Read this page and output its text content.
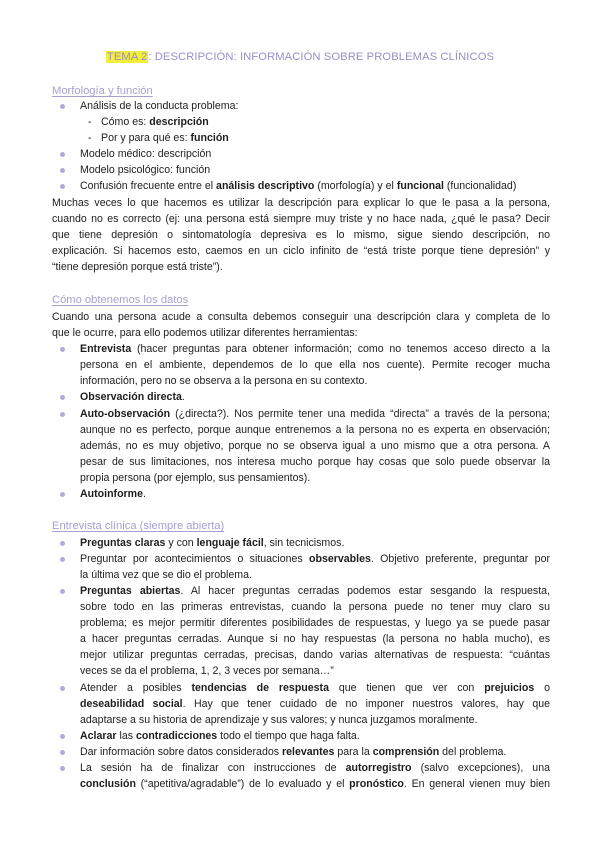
TEMA 2: DESCRIPCIÓN: INFORMACIÓN SOBRE PROBLEMAS CLÍNICOS
Morfología y función
Análisis de la conducta problema:
- Cómo es: descripción
- Por y para qué es: función
Modelo médico: descripción
Modelo psicológico: función
Confusión frecuente entre el análisis descriptivo (morfología) y el funcional (funcionalidad)
Muchas veces lo que hacemos es utilizar la descripción para explicar lo que le pasa a la persona,
cuando no es correcto (ej: una persona está siempre muy triste y no hace nada, ¿qué le pasa? Decir
que tiene depresión o sintomatología depresiva es lo mismo, sigue siendo descripción, no
explicación. Si hacemos esto, caemos en un ciclo infinito de “está triste porque tiene depresión” y
“tiene depresión porque está triste”).
Cómo obtenemos los datos
Cuando una persona acude a consulta debemos conseguir una descripción clara y completa de lo
que le ocurre, para ello podemos utilizar diferentes herramientas:
Entrevista (hacer preguntas para obtener información; como no tenemos acceso directo a la
persona en el ambiente, dependemos de lo que ella nos cuente). Permite recoger mucha
información, pero no se observa a la persona en su contexto.
Observación directa.
Auto-observación (¿directa?). Nos permite tener una medida “directa” a través de la persona;
aunque no es perfecto, porque aunque entrenemos a la persona no es experta en observación;
además, no es muy objetivo, porque no se observa igual a uno mismo que a otra persona. A
pesar de sus limitaciones, nos interesa mucho porque hay cosas que solo puede observar la
propia persona (por ejemplo, sus pensamientos).
Autoinforme.
Entrevista clínica (siempre abierta)
Preguntas claras y con lenguaje fácil, sin tecnicismos.
Preguntar por acontecimientos o situaciones observables. Objetivo preferente, preguntar por
la última vez que se dio el problema.
Preguntas abiertas. Al hacer preguntas cerradas podemos estar sesgando la respuesta,
sobre todo en las primeras entrevistas, cuando la persona puede no tener muy claro su
problema; es mejor permitir diferentes posibilidades de respuestas, y luego ya se puede pasar
a hacer preguntas cerradas. Aunque si no hay respuestas (la persona no habla mucho), es
mejor utilizar preguntas cerradas, precisas, dando varias alternativas de respuesta: “cuántas
veces se da el problema, 1, 2, 3 veces por semana…”
Atender a posibles tendencias de respuesta que tienen que ver con prejuicios o
deseabilidad social. Hay que tener cuidado de no imponer nuestros valores, hay que
adaptarse a su historia de aprendizaje y sus valores; y nunca juzgamos moralmente.
Aclarar las contradicciones todo el tiempo que haga falta.
Dar información sobre datos considerados relevantes para la comprensión del problema.
La sesión ha de finalizar con instrucciones de autorregistro (salvo excepciones), una
conclusión (“apetitiva/agradable”) de lo evaluado y el pronóstico. En general vienen muy bien
